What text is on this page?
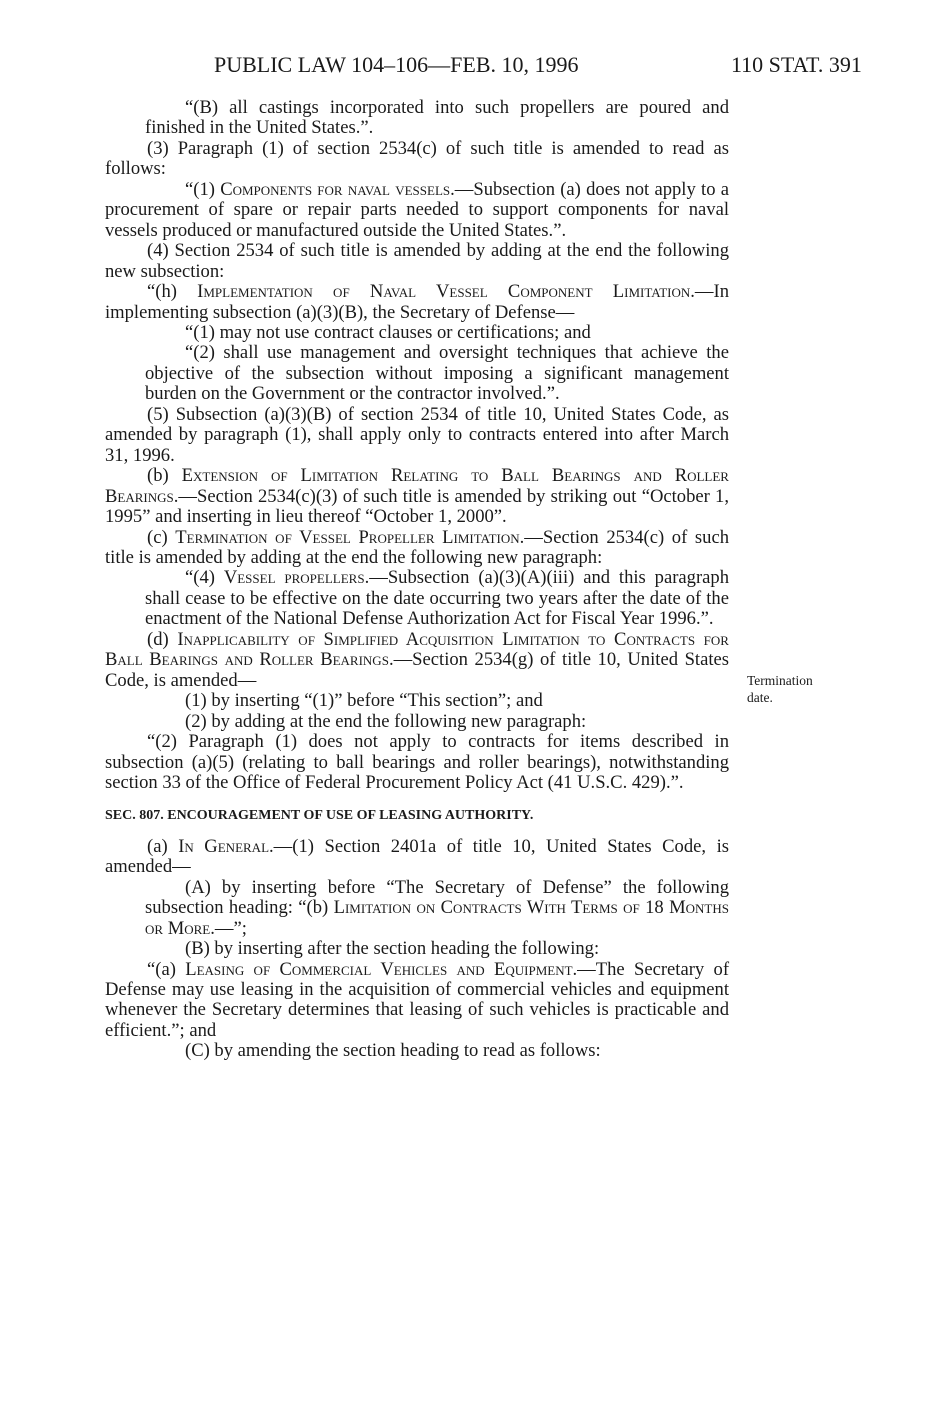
PUBLIC LAW 104–106—FEB. 10, 1996	110 STAT. 391

“(B) all castings incorporated into such propellers are poured and finished in the United States.”.

(3) Paragraph (1) of section 2534(c) of such title is amended to read as follows:

“(1) Components for naval vessels.—Subsection (a) does not apply to a procurement of spare or repair parts needed to support components for naval vessels produced or manufactured outside the United States.”.

(4) Section 2534 of such title is amended by adding at the end the following new subsection:

“(h) Implementation of Naval Vessel Component Limitation.—In implementing subsection (a)(3)(B), the Secretary of Defense—

“(1) may not use contract clauses or certifications; and

“(2) shall use management and oversight techniques that achieve the objective of the subsection without imposing a significant management burden on the Government or the contractor involved.”.

(5) Subsection (a)(3)(B) of section 2534 of title 10, United States Code, as amended by paragraph (1), shall apply only to contracts entered into after March 31, 1996.

(b) Extension of Limitation Relating to Ball Bearings and Roller Bearings.—Section 2534(c)(3) of such title is amended by striking out “October 1, 1995” and inserting in lieu thereof “October 1, 2000”.

(c) Termination of Vessel Propeller Limitation.—Section 2534(c) of such title is amended by adding at the end the following new paragraph:

“(4) Vessel propellers.—Subsection (a)(3)(A)(iii) and this paragraph shall cease to be effective on the date occurring two years after the date of the enactment of the National Defense Authorization Act for Fiscal Year 1996.”.

(d) Inapplicability of Simplified Acquisition Limitation to Contracts for Ball Bearings and Roller Bearings.—Section 2534(g) of title 10, United States Code, is amended—

(1) by inserting “(1)” before “This section”; and

(2) by adding at the end the following new paragraph:

“(2) Paragraph (1) does not apply to contracts for items described in subsection (a)(5) (relating to ball bearings and roller bearings), notwithstanding section 33 of the Office of Federal Procurement Policy Act (41 U.S.C. 429).”.

SEC. 807. ENCOURAGEMENT OF USE OF LEASING AUTHORITY.

(a) In General.—(1) Section 2401a of title 10, United States Code, is amended—

(A) by inserting before “The Secretary of Defense” the following subsection heading: “(b) Limitation on Contracts With Terms of 18 Months or More.—”;

(B) by inserting after the section heading the following:

“(a) Leasing of Commercial Vehicles and Equipment.—The Secretary of Defense may use leasing in the acquisition of commercial vehicles and equipment whenever the Secretary determines that leasing of such vehicles is practicable and efficient.”; and

(C) by amending the section heading to read as follows:

Termination
date.
